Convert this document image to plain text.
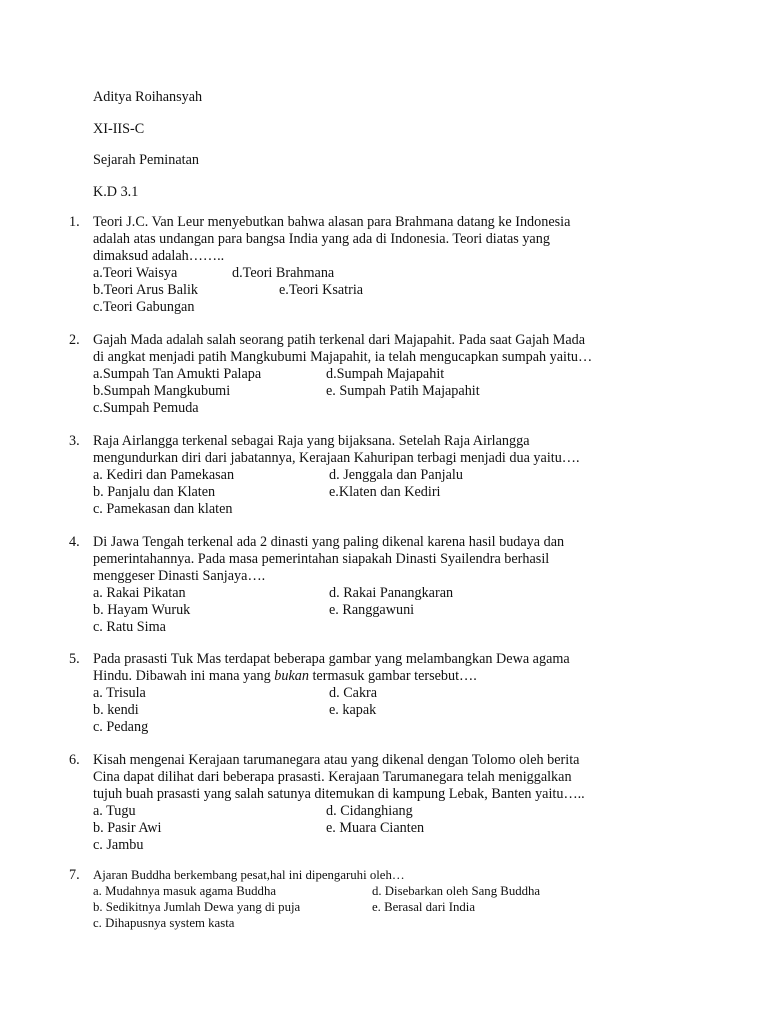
Aditya Roihansyah
XI-IIS-C
Sejarah Peminatan
K.D 3.1
1. Teori J.C. Van Leur menyebutkan bahwa alasan para Brahmana datang ke Indonesia
adalah atas undangan para bangsa India yang ada di Indonesia. Teori diatas yang
dimaksud adalah……..
a.Teori Waisya
b.Teori Arus Balik
c.Teori Gabungan
d.Teori Brahmana
e.Teori Ksatria
2. Gajah Mada adalah salah seorang patih terkenal dari Majapahit. Pada saat Gajah Mada
di angkat menjadi patih Mangkubumi Majapahit, ia telah mengucapkan sumpah yaitu…
a.Sumpah Tan Amukti Palapa
b.Sumpah Mangkubumi
c.Sumpah Pemuda
d.Sumpah Majapahit
e. Sumpah Patih Majapahit
3. Raja Airlangga terkenal sebagai Raja yang bijaksana. Setelah Raja Airlangga
mengundurkan diri dari jabatannya, Kerajaan Kahuripan terbagi menjadi dua yaitu….
a. Kediri dan Pamekasan
b. Panjalu dan Klaten
c. Pamekasan dan klaten
d. Jenggala dan Panjalu
e.Klaten dan Kediri
4. Di Jawa Tengah terkenal ada 2 dinasti yang paling dikenal karena hasil budaya dan
pemerintahannya. Pada masa pemerintahan siapakah Dinasti Syailendra berhasil
menggeser Dinasti Sanjaya….
a. Rakai Pikatan
b. Hayam Wuruk
c. Ratu Sima
d. Rakai Panangkaran
e. Ranggawuni
5. Pada prasasti Tuk Mas terdapat beberapa gambar yang melambangkan Dewa agama
Hindu. Dibawah ini mana yang bukan termasuk gambar tersebut….
a. Trisula
b. kendi
c. Pedang
d. Cakra
e. kapak
6. Kisah mengenai Kerajaan tarumanegara atau yang dikenal dengan Tolomo oleh berita
Cina dapat dilihat dari beberapa prasasti. Kerajaan Tarumanegara telah meniggalkan
tujuh buah prasasti yang salah satunya ditemukan di kampung Lebak, Banten yaitu…..
a. Tugu
b. Pasir Awi
c. Jambu
d. Cidanghiang
e. Muara Cianten
7. Ajaran Buddha berkembang pesat,hal ini dipengaruhi oleh…
a. Mudahnya masuk agama Buddha
b. Sedikitnya Jumlah Dewa yang di puja
c. Dihapusnya system kasta
d. Disebarkan oleh Sang Buddha
e. Berasal dari India
